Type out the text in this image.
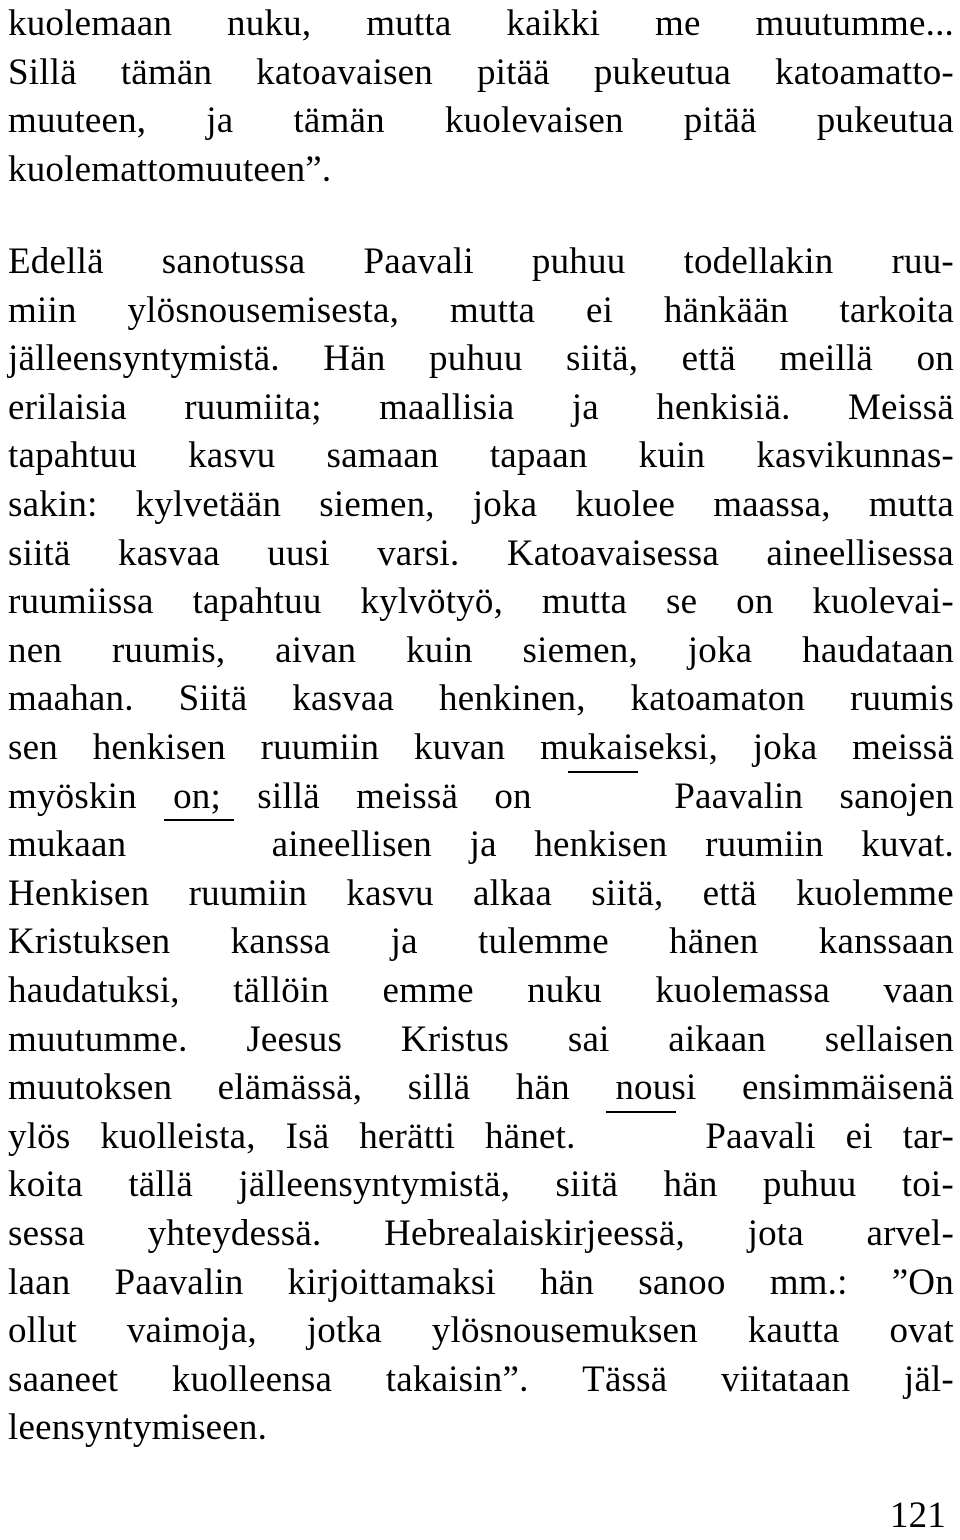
kuolemaan nuku, mutta kaikki me muutumme...
Sillä tämän katoavaisen pitää pukeutua katoamatto-
muuteen, ja tämän kuolevaisen pitää pukeutua
kuolemattomuuteen”.
Edellä sanotussa Paavali puhuu todellakin ruu-
miin ylösnousemisesta, mutta ei hänkään tarkoita
jälleensyntymistä. Hän puhuu siitä, että meillä on
erilaisia ruumiita; maallisia ja henkisiä. Meissä
tapahtuu kasvu samaan tapaan kuin kasvikunnas-
sakin: kylvetään siemen, joka kuolee maassa, mutta
siitä kasvaa uusi varsi. Katoavaisessa aineellisessa
ruumiissa tapahtuu kylvötyö, mutta se on kuolevai-
nen ruumis, aivan kuin siemen, joka haudataan
maahan. Siitä kasvaa henkinen, katoamaton ruumis
sen henkisen ruumiin kuvan mukaiseksi, joka meissä
myöskin on; sillä meissä on	Paavalin sanojen
mukaan	aineellisen ja henkisen ruumiin kuvat.
Henkisen ruumiin kasvu alkaa siitä, että kuolemme
Kristuksen kanssa ja tulemme hänen kanssaan
haudatuksi, tällöin emme nuku kuolemassa vaan
muutumme. Jeesus Kristus sai aikaan sellaisen
muutoksen elämässä, sillä hän nousi ensimmäisenä
ylös kuolleista, Isä herätti hänet.	Paavali ei tar-
koita tällä jälleensyntymistä, siitä hän puhuu toi-
sessa yhteydessä. Hebrealaiskirjeessä, jota arvel-
laan Paavalin kirjoittamaksi hän sanoo mm.: ”On
ollut vaimoja, jotka ylösnousemuksen kautta ovat
saaneet kuolleensa takaisin”. Tässä viitataan jäl-
leensyntymiseen.
121
